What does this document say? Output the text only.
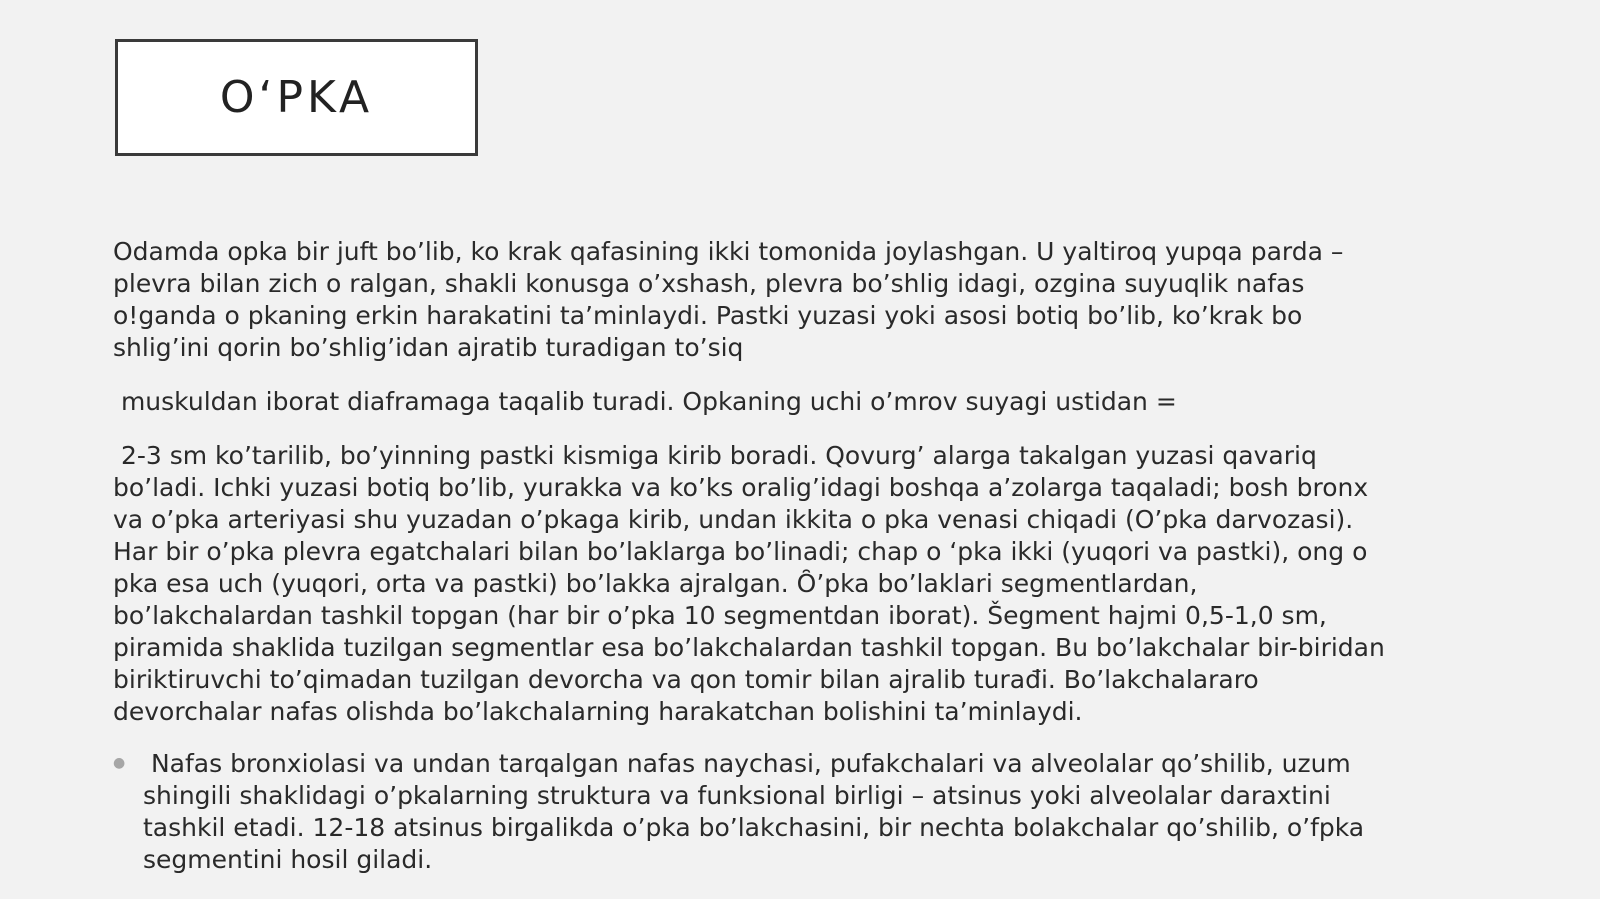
O‘PKA

Odamda opka bir juft bo’lib, ko krak qafasining ikki tomonida joylashgan. U yaltiroq yupqa parda – plevra bilan zich o ralgan, shakli konusga o’xshash, plevra bo’shlig idagi, ozgina suyuqlik nafas o!ganda o pkaning erkin harakatini ta’minlaydi. Pastki yuzasi yoki asosi botiq bo’lib, ko’krak bo shlig’ini qorin bo’shlig’idan ajratib turadigan to’siq

muskuldan iborat diaframaga taqalib turadi. Opkaning uchi o’mrov suyagi ustidan =

2-3 sm ko’tarilib, bo’yinning pastki kismiga kirib boradi. Qovurg’ alarga takalgan yuzasi qavariq bo’ladi. Ichki yuzasi botiq bo’lib, yurakka va ko’ks oralig’idagi boshqa a’zolarga taqaladi; bosh bronx va o’pka arteriyasi shu yuzadan o’pkaga kirib, undan ikkita o pka venasi chiqadi (O’pka darvozasi). Har bir o’pka plevra egatchalari bilan bo’laklarga bo’linadi; chap o ‘pka ikki (yuqori va pastki), ong o pka esa uch (yuqori, orta va pastki) bo’lakka ajralgan. Ȏ’pka bo’laklari segmentlardan, bo’lakchalardan tashkil topgan (har bir o’pka 10 segmentdan iborat). Šegment hajmi 0,5-1,0 sm, piramida shaklida tuzilgan segmentlar esa bo’lakchalardan tashkil topgan. Bu bo’lakchalar bir-biridan biriktiruvchi to’qimadan tuzilgan devorcha va qon tomir bilan ajralib turađi. Bo’lakchalararo devorchalar nafas olishda bo’lakchalarning harakatchan bolishini ta’minlaydi.

● Nafas bronxiolasi va undan tarqalgan nafas naychasi, pufakchalari va alveolalar qo’shilib, uzum shingili shaklidagi o’pkalarning struktura va funksional birligi – atsinus yoki alveolalar daraxtini tashkil etadi. 12-18 atsinus birgalikda o’pka bo’lakchasini, bir nechta bolakchalar qo’shilib, o’fpka segmentini hosil giladi.
